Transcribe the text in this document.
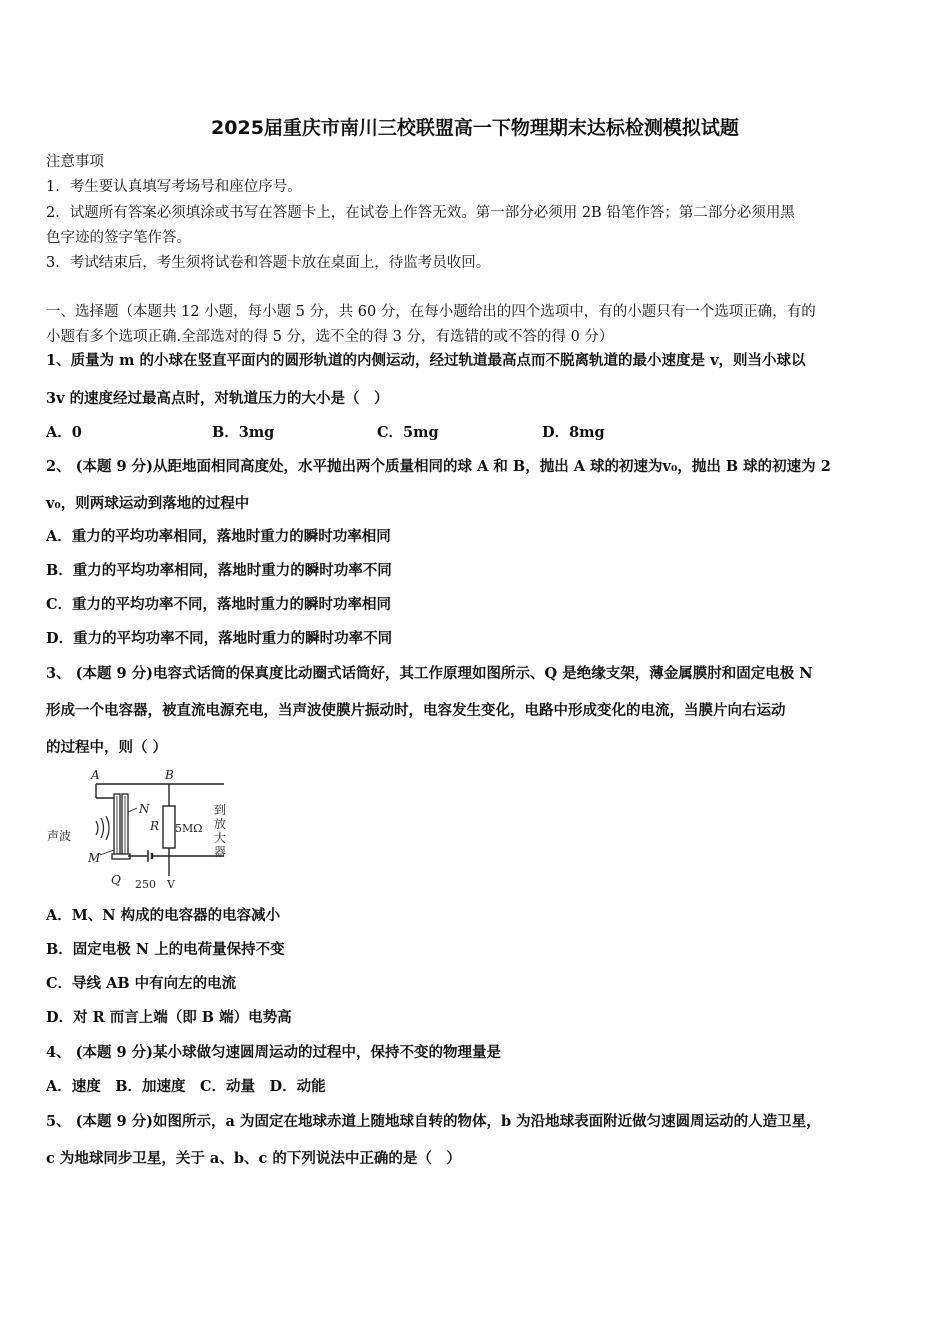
2025届重庆市南川三校联盟高一下物理期末达标检测模拟试题
注意事项
1．考生要认真填写考场号和座位序号。
2．试题所有答案必须填涂或书写在答题卡上，在试卷上作答无效。第一部分必须用 2B 铅笔作答；第二部分必须用黑
色字迹的签字笔作答。
3．考试结束后，考生须将试卷和答题卡放在桌面上，待监考员收回。
一、选择题（本题共 12 小题，每小题 5 分，共 60 分，在每小题给出的四个选项中，有的小题只有一个选项正确，有的
小题有多个选项正确.全部选对的得 5 分，选不全的得 3 分，有选错的或不答的得 0 分）
1、质量为 m 的小球在竖直平面内的圆形轨道的内侧运动，经过轨道最高点而不脱离轨道的最小速度是 v，则当小球以
3v 的速度经过最高点时，对轨道压力的大小是（　）
A．0	B．3mg	C．5mg	D．8mg
2、 (本题 9 分)从距地面相同高度处，水平抛出两个质量相同的球 A 和 B，抛出 A 球的初速为v₀，抛出 B 球的初速为 2
v₀，则两球运动到落地的过程中
A．重力的平均功率相同，落地时重力的瞬时功率相同
B．重力的平均功率相同，落地时重力的瞬时功率不同
C．重力的平均功率不同，落地时重力的瞬时功率相同
D．重力的平均功率不同，落地时重力的瞬时功率不同
3、 (本题 9 分)电容式话筒的保真度比动圈式话筒好，其工作原理如图所示、Q 是绝缘支架，薄金属膜肘和固定电极 N
形成一个电容器，被直流电源充电，当声波使膜片振动时，电容发生变化，电路中形成变化的电流，当膜片向右运动
的过程中，则（ ）
A	B
N
R 5MΩ
声波
M
Q 250　V
到
放
大
器
A．M、N 构成的电容器的电容减小
B．固定电极 N 上的电荷量保持不变
C．导线 AB 中有向左的电流
D．对 R 而言上端（即 B 端）电势高
4、 (本题 9 分)某小球做匀速圆周运动的过程中，保持不变的物理量是
A．速度　B．加速度　C．动量　D．动能
5、 (本题 9 分)如图所示，a 为固定在地球赤道上随地球自转的物体，b 为沿地球表面附近做匀速圆周运动的人造卫星，
c 为地球同步卫星，关于 a、b、c 的下列说法中正确的是（　）
